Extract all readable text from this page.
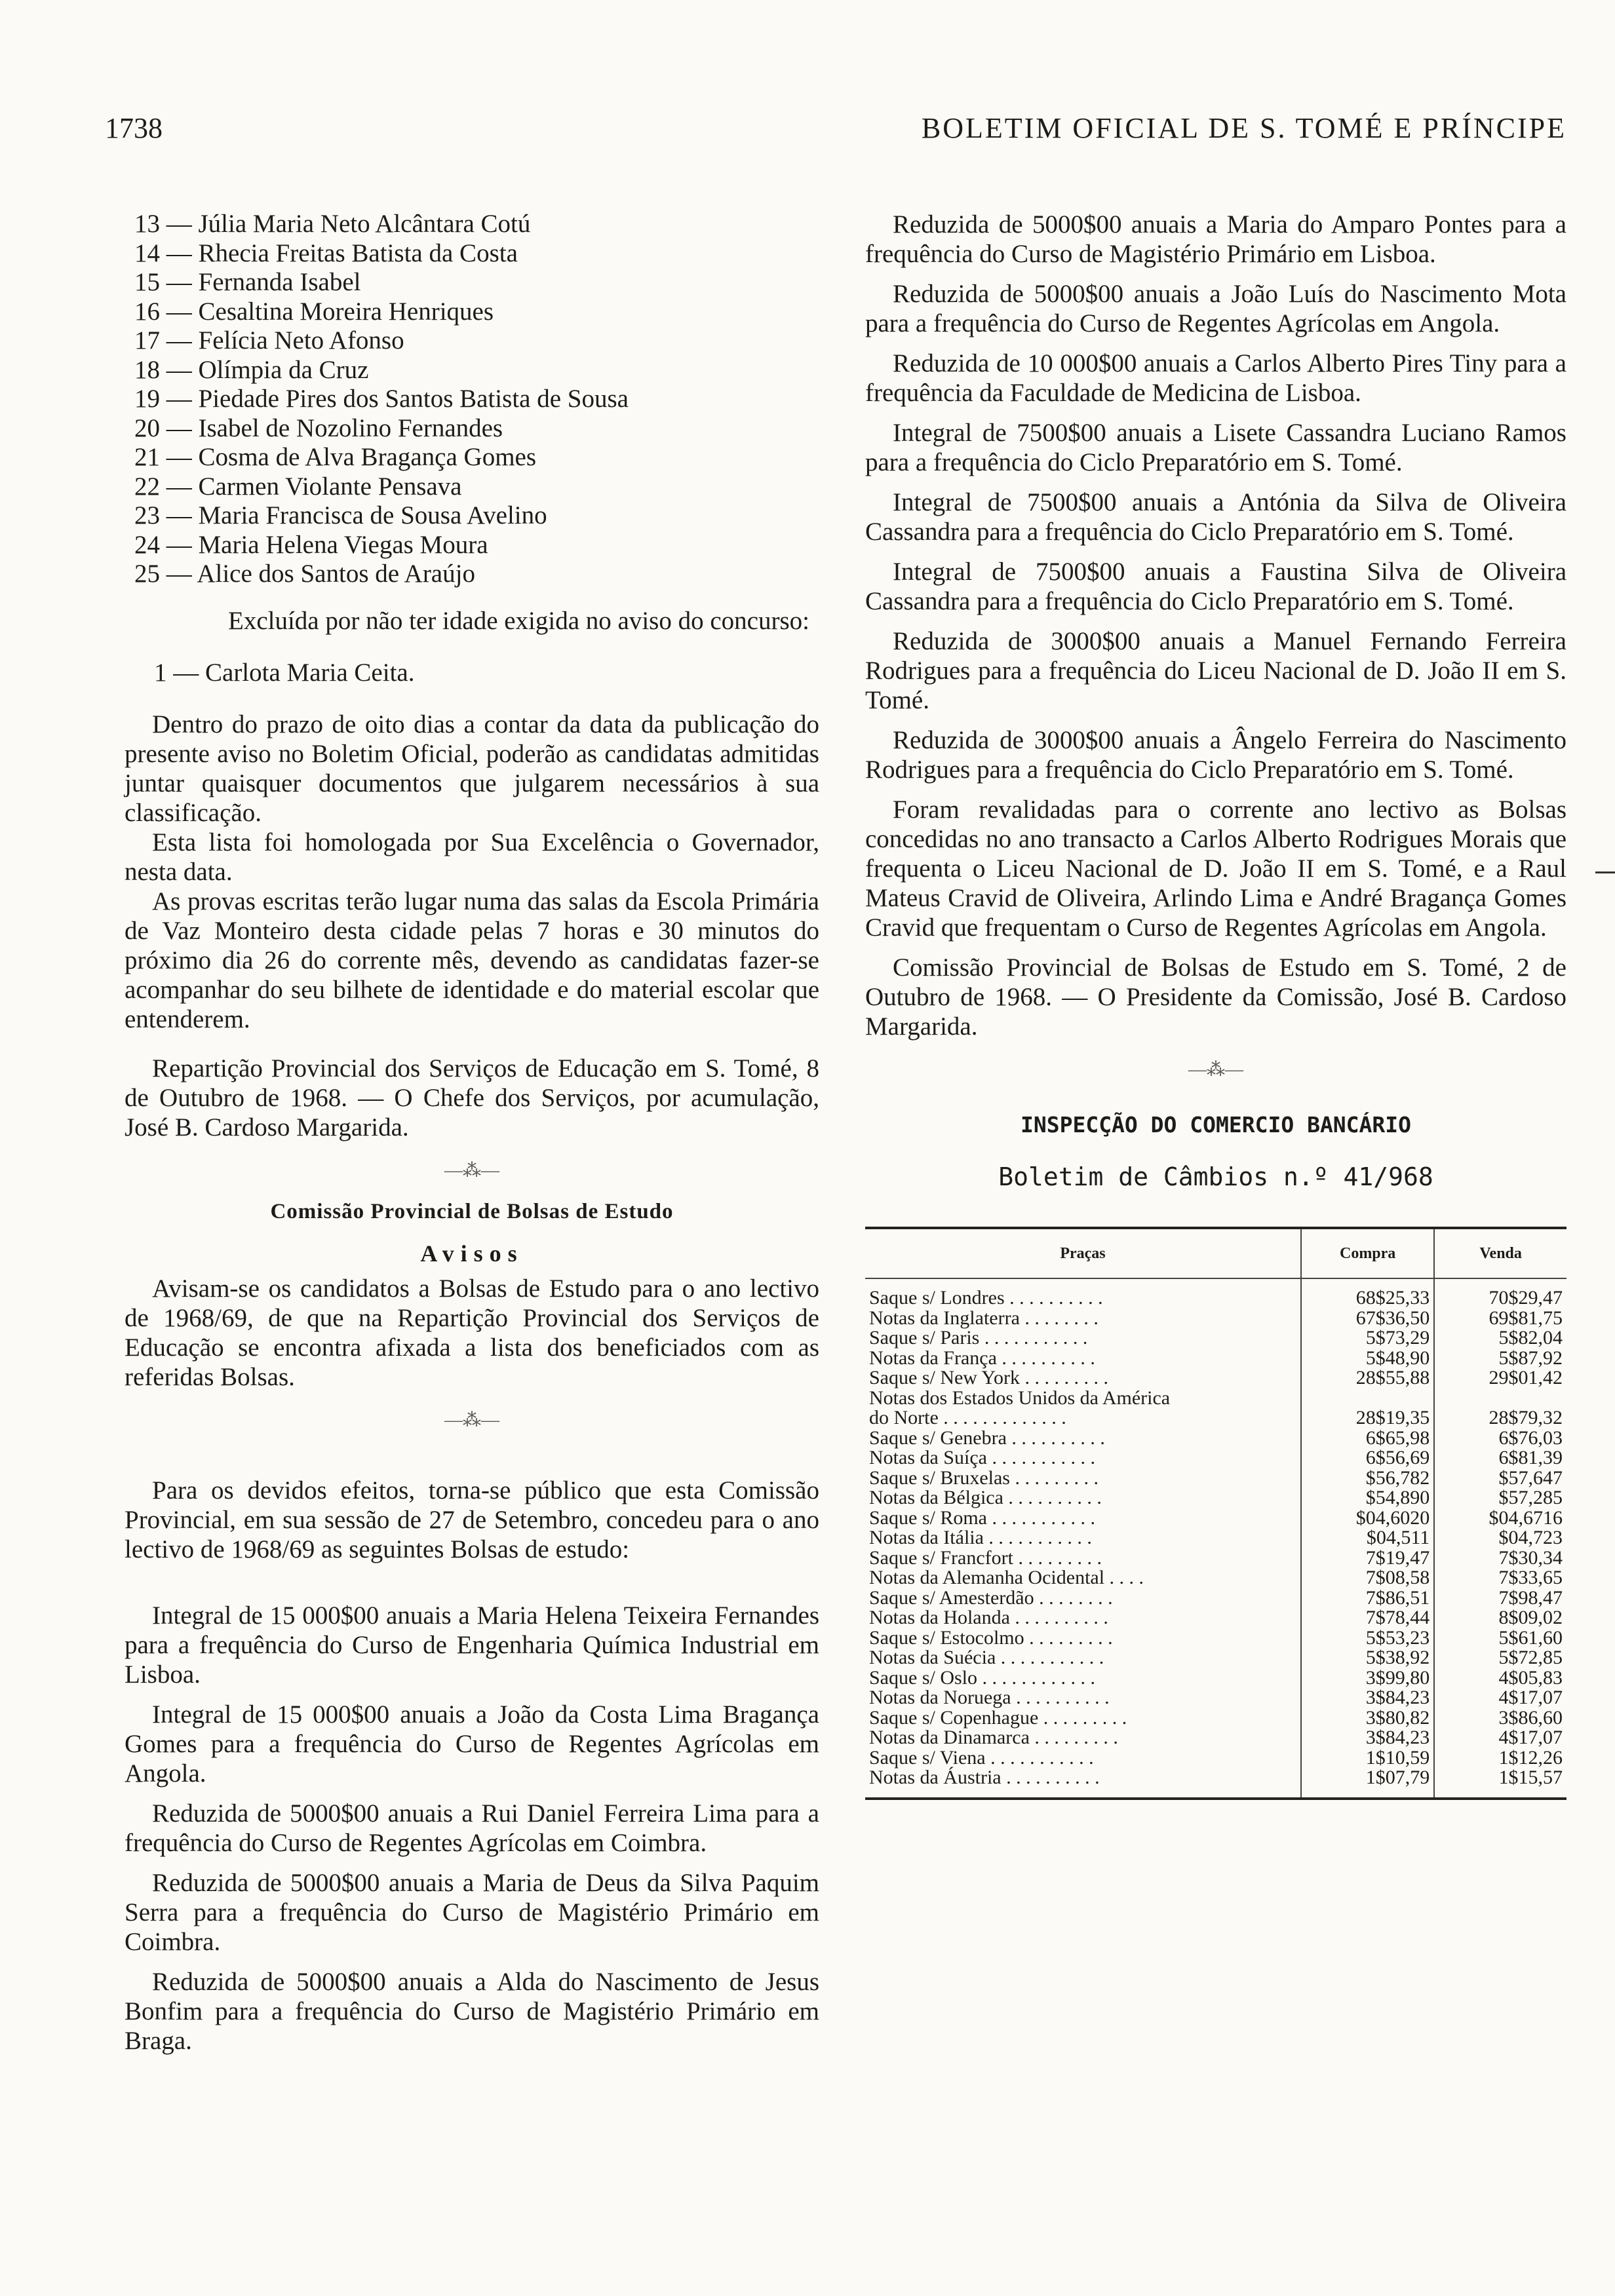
1738	BOLETIM OFICIAL DE S. TOMÉ E PRÍNCIPE
13 — Júlia Maria Neto Alcântara Cotú
14 — Rhecia Freitas Batista da Costa
15 — Fernanda Isabel
16 — Cesaltina Moreira Henriques
17 — Felícia Neto Afonso
18 — Olímpia da Cruz
19 — Piedade Pires dos Santos Batista de Sousa
20 — Isabel de Nozolino Fernandes
21 — Cosma de Alva Bragança Gomes
22 — Carmen Violante Pensava
23 — Maria Francisca de Sousa Avelino
24 — Maria Helena Viegas Moura
25 — Alice dos Santos de Araújo

Excluída por não ter idade exigida no aviso do concurso:

1 — Carlota Maria Ceita.

Dentro do prazo de oito dias a contar da data da publicação do presente aviso no Boletim Oficial, poderão as candidatas admitidas juntar quaisquer documentos que julgarem necessários à sua classificação.

Esta lista foi homologada por Sua Excelência o Governador, nesta data.

As provas escritas terão lugar numa das salas da Escola Primária de Vaz Monteiro desta cidade pelas 7 horas e 30 minutos do próximo dia 26 do corrente mês, devendo as candidatas fazer-se acompanhar do seu bilhete de identidade e do material escolar que entenderem.

Repartição Provincial dos Serviços de Educação em S. Tomé, 8 de Outubro de 1968. — O Chefe dos Serviços, por acumulação, José B. Cardoso Margarida.

—⁂—
Comissão Provincial de Bolsas de Estudo
Avisos

Avisam-se os candidatos a Bolsas de Estudo para o ano lectivo de 1968/69, de que na Repartição Provincial dos Serviços de Educação se encontra afixada a lista dos beneficiados com as referidas Bolsas.

—⁂—

Para os devidos efeitos, torna-se público que esta Comissão Provincial, em sua sessão de 27 de Setembro, concedeu para o ano lectivo de 1968/69 as seguintes Bolsas de estudo:

Integral de 15 000$00 anuais a Maria Helena Teixeira Fernandes para a frequência do Curso de Engenharia Química Industrial em Lisboa.

Integral de 15 000$00 anuais a João da Costa Lima Bragança Gomes para a frequência do Curso de Regentes Agrícolas em Angola.

Reduzida de 5000$00 anuais a Rui Daniel Ferreira Lima para a frequência do Curso de Regentes Agrícolas em Coimbra.

Reduzida de 5000$00 anuais a Maria de Deus da Silva Paquim Serra para a frequência do Curso de Magistério Primário em Coimbra.

Reduzida de 5000$00 anuais a Alda do Nascimento de Jesus Bonfim para a frequência do Curso de Magistério Primário em Braga.

Reduzida de 5000$00 anuais a Maria do Amparo Pontes para a frequência do Curso de Magistério Primário em Lisboa.

Reduzida de 5000$00 anuais a João Luís do Nascimento Mota para a frequência do Curso de Regentes Agrícolas em Angola.

Reduzida de 10 000$00 anuais a Carlos Alberto Pires Tiny para a frequência da Faculdade de Medicina de Lisboa.

Integral de 7500$00 anuais a Lisete Cassandra Luciano Ramos para a frequência do Ciclo Preparatório em S. Tomé.

Integral de 7500$00 anuais a Antónia da Silva de Oliveira Cassandra para a frequência do Ciclo Preparatório em S. Tomé.

Integral de 7500$00 anuais a Faustina Silva de Oliveira Cassandra para a frequência do Ciclo Preparatório em S. Tomé.

Reduzida de 3000$00 anuais a Manuel Fernando Ferreira Rodrigues para a frequência do Liceu Nacional de D. João II em S. Tomé.

Reduzida de 3000$00 anuais a Ângelo Ferreira do Nascimento Rodrigues para a frequência do Ciclo Preparatório em S. Tomé.

Foram revalidadas para o corrente ano lectivo as Bolsas concedidas no ano transacto a Carlos Alberto Rodrigues Morais que frequenta o Liceu Nacional de D. João II em S. Tomé, e a Raul Mateus Cravid de Oliveira, Arlindo Lima e André Bragança Gomes Cravid que frequentam o Curso de Regentes Agrícolas em Angola.

Comissão Provincial de Bolsas de Estudo em S. Tomé, 2 de Outubro de 1968. — O Presidente da Comissão, José B. Cardoso Margarida.

—⁂—
INSPECÇÃO DO COMERCIO BANCÁRIO
Boletim de Câmbios n.º 41/968
Praças	Compra	Venda
Saque s/ Londres . . . . . . . . . .	68$25,33	70$29,47
Notas da Inglaterra . . . . . . . .	67$36,50	69$81,75
Saque s/ Paris . . . . . . . . . . .	5$73,29	5$82,04
Notas da França . . . . . . . . . .	5$48,90	5$87,92
Saque s/ New York . . . . . . . . .	28$55,88	29$01,42
Notas dos Estados Unidos da América		
do Norte . . . . . . . . . . . . .	28$19,35	28$79,32
Saque s/ Genebra . . . . . . . . . .	6$65,98	6$76,03
Notas da Suíça . . . . . . . . . . .	6$56,69	6$81,39
Saque s/ Bruxelas . . . . . . . . .	$56,782	$57,647
Notas da Bélgica . . . . . . . . . .	$54,890	$57,285
Saque s/ Roma . . . . . . . . . . .	$04,6020	$04,6716
Notas da Itália . . . . . . . . . . .	$04,511	$04,723
Saque s/ Francfort . . . . . . . . .	7$19,47	7$30,34
Notas da Alemanha Ocidental . . . .	7$08,58	7$33,65
Saque s/ Amesterdão . . . . . . . .	7$86,51	7$98,47
Notas da Holanda . . . . . . . . . .	7$78,44	8$09,02
Saque s/ Estocolmo . . . . . . . . .	5$53,23	5$61,60
Notas da Suécia . . . . . . . . . . .	5$38,92	5$72,85
Saque s/ Oslo . . . . . . . . . . . .	3$99,80	4$05,83
Notas da Noruega . . . . . . . . . .	3$84,23	4$17,07
Saque s/ Copenhague . . . . . . . . .	3$80,82	3$86,60
Notas da Dinamarca . . . . . . . . .	3$84,23	4$17,07
Saque s/ Viena . . . . . . . . . . .	1$10,59	1$12,26
Notas da Áustria . . . . . . . . . .	1$07,79	1$15,57
